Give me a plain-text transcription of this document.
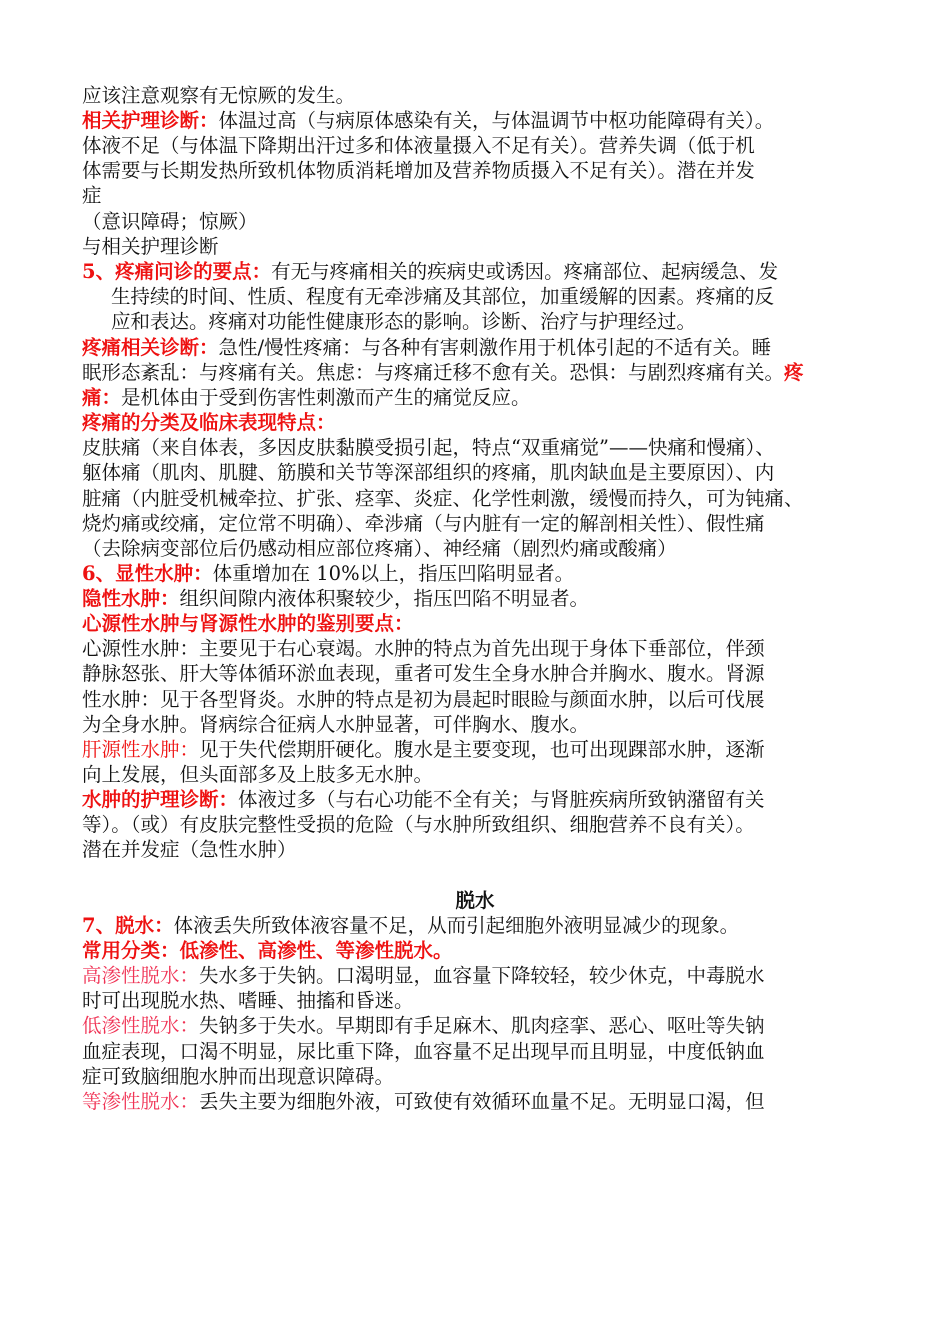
应该注意观察有无惊厥的发生。
相关护理诊断：体温过高（与病原体感染有关，与体温调节中枢功能障碍有关）。
体液不足（与体温下降期出汗过多和体液量摄入不足有关）。营养失调（低于机
体需要与长期发热所致机体物质消耗增加及营养物质摄入不足有关）。潜在并发
症
（意识障碍；惊厥）
与相关护理诊断
5、疼痛问诊的要点：有无与疼痛相关的疾病史或诱因。疼痛部位、起病缓急、发
生持续的时间、性质、程度有无牵涉痛及其部位，加重缓解的因素。疼痛的反
应和表达。疼痛对功能性健康形态的影响。诊断、治疗与护理经过。
疼痛相关诊断：急性/慢性疼痛：与各种有害刺激作用于机体引起的不适有关。睡
眠形态紊乱：与疼痛有关。焦虑：与疼痛迁移不愈有关。恐惧：与剧烈疼痛有关。疼
痛：是机体由于受到伤害性刺激而产生的痛觉反应。
疼痛的分类及临床表现特点：
皮肤痛（来自体表，多因皮肤黏膜受损引起，特点“双重痛觉”——快痛和慢痛）、
躯体痛（肌肉、肌腱、筋膜和关节等深部组织的疼痛，肌肉缺血是主要原因）、内
脏痛（内脏受机械牵拉、扩张、痉挛、炎症、化学性刺激，缓慢而持久，可为钝痛、
烧灼痛或绞痛，定位常不明确）、牵涉痛（与内脏有一定的解剖相关性）、假性痛
（去除病变部位后仍感动相应部位疼痛）、神经痛（剧烈灼痛或酸痛）
6、显性水肿：体重增加在 10%以上，指压凹陷明显者。
隐性水肿：组织间隙内液体积聚较少，指压凹陷不明显者。
心源性水肿与肾源性水肿的鉴别要点：
心源性水肿：主要见于右心衰竭。水肿的特点为首先出现于身体下垂部位，伴颈
静脉怒张、肝大等体循环淤血表现，重者可发生全身水肿合并胸水、腹水。肾源
性水肿：见于各型肾炎。水肿的特点是初为晨起时眼睑与颜面水肿，以后可伐展
为全身水肿。肾病综合征病人水肿显著，可伴胸水、腹水。
肝源性水肿：见于失代偿期肝硬化。腹水是主要变现，也可出现踝部水肿，逐渐
向上发展，但头面部多及上肢多无水肿。
水肿的护理诊断：体液过多（与右心功能不全有关；与肾脏疾病所致钠潴留有关
等）。（或）有皮肤完整性受损的危险（与水肿所致组织、细胞营养不良有关）。
潜在并发症（急性水肿）
脱水
7、脱水：体液丢失所致体液容量不足，从而引起细胞外液明显减少的现象。
常用分类：低渗性、高渗性、等渗性脱水。
高渗性脱水：失水多于失钠。口渴明显，血容量下降较轻，较少休克，中毒脱水
时可出现脱水热、嗜睡、抽搐和昏迷。
低渗性脱水：失钠多于失水。早期即有手足麻木、肌肉痉挛、恶心、呕吐等失钠
血症表现，口渴不明显，尿比重下降，血容量不足出现早而且明显，中度低钠血
症可致脑细胞水肿而出现意识障碍。
等渗性脱水：丢失主要为细胞外液，可致使有效循环血量不足。无明显口渴，但
